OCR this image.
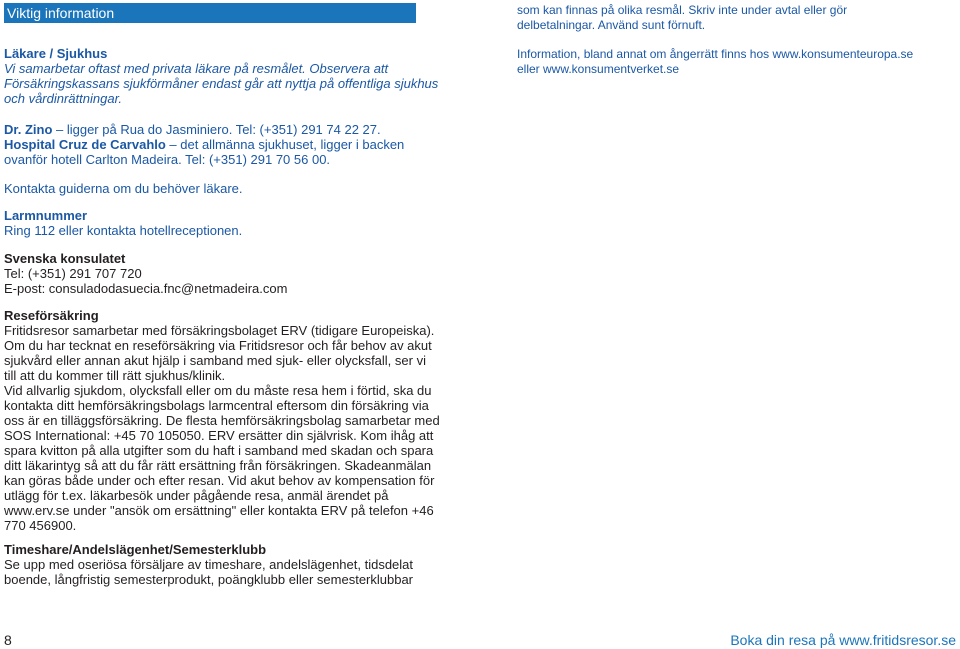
Viktig information
Läkare / Sjukhus
Vi samarbetar oftast med privata läkare på resmålet. Observera att
Försäkringskassans sjukförmåner endast går att nyttja på offentliga sjukhus
och vårdinrättningar.
Dr. Zino – ligger på Rua do Jasminiero. Tel: (+351) 291 74 22 27.
Hospital Cruz de Carvahlo – det allmänna sjukhuset, ligger i backen
ovanför hotell Carlton Madeira. Tel: (+351) 291 70 56 00.
Kontakta guiderna om du behöver läkare.
Larmnummer
Ring 112 eller kontakta hotellreceptionen.
Svenska konsulatet
Tel: (+351) 291 707 720
E-post: consuladodasuecia.fnc@netmadeira.com
Reseförsäkring
Fritidsresor samarbetar med försäkringsbolaget ERV (tidigare Europeiska).
Om du har tecknat en reseförsäkring via Fritidsresor och får behov av akut
sjukvård eller annan akut hjälp i samband med sjuk- eller olycksfall, ser vi
till att du kommer till rätt sjukhus/klinik.
Vid allvarlig sjukdom, olycksfall eller om du måste resa hem i förtid, ska du
kontakta ditt hemförsäkringsbolags larmcentral eftersom din försäkring via
oss är en tilläggsförsäkring. De flesta hemförsäkringsbolag samarbetar med
SOS International: +45 70 105050. ERV ersätter din självrisk. Kom ihåg att
spara kvitton på alla utgifter som du haft i samband med skadan och spara
ditt läkarintyg så att du får rätt ersättning från försäkringen. Skadeanmälan
kan göras både under och efter resan. Vid akut behov av kompensation för
utlägg för t.ex. läkarbesök under pågående resa, anmäl ärendet på
www.erv.se under "ansök om ersättning" eller kontakta ERV på telefon +46
770 456900.
Timeshare/Andelslägenhet/Semesterklubb
Se upp med oseriösa försäljare av timeshare, andelslägenhet, tidsdelat
boende, långfristig semesterprodukt, poängklubb eller semesterklubbar
som kan finnas på olika resmål. Skriv inte under avtal eller gör
delbetalningar. Använd sunt förnuft.
Information, bland annat om ångerrätt finns hos www.konsumenteuropa.se
eller www.konsumentverket.se
8	Boka din resa på www.fritidsresor.se
